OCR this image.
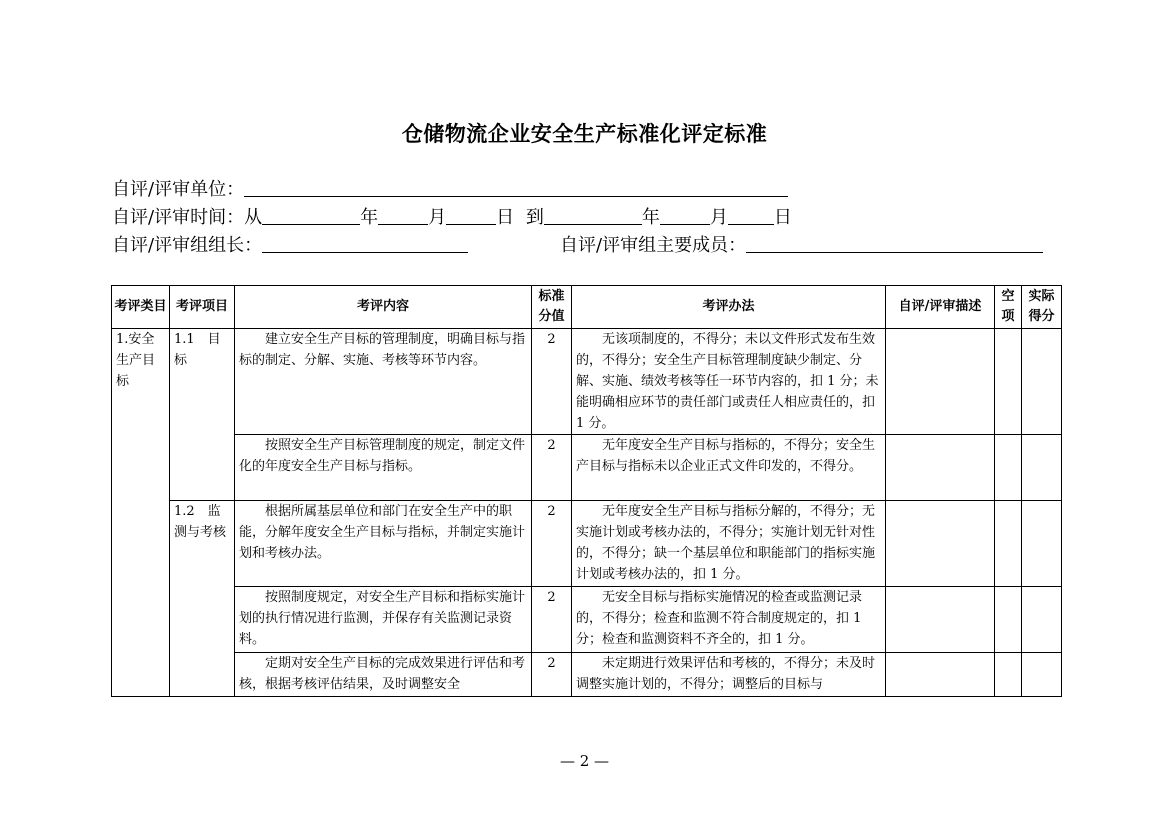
仓储物流企业安全生产标准化评定标准
自评/评审单位：
自评/评审时间：从	年	月	日 到	年	月	日
自评/评审组组长：	自评/评审组主要成员：
考评类目	考评项目	考评内容	标准分值	考评办法	自评/评审描述	空项	实际得分
1.安全生产目标	1.1　目标	建立安全生产目标的管理制度，明确目标与指标的制定、分解、实施、考核等环节内容。	2	无该项制度的，不得分；未以文件形式发布生效的，不得分；安全生产目标管理制度缺少制定、分解、实施、绩效考核等任一环节内容的，扣 1 分；未能明确相应环节的责任部门或责任人相应责任的，扣 1 分。			
		按照安全生产目标管理制度的规定，制定文件化的年度安全生产目标与指标。	2	无年度安全生产目标与指标的，不得分；安全生产目标与指标未以企业正式文件印发的，不得分。			
	1.2　监测与考核	根据所属基层单位和部门在安全生产中的职能，分解年度安全生产目标与指标，并制定实施计划和考核办法。	2	无年度安全生产目标与指标分解的，不得分；无实施计划或考核办法的，不得分；实施计划无针对性的，不得分；缺一个基层单位和职能部门的指标实施计划或考核办法的，扣 1 分。			
		按照制度规定，对安全生产目标和指标实施计划的执行情况进行监测，并保存有关监测记录资料。	2	无安全目标与指标实施情况的检查或监测记录的，不得分；检查和监测不符合制度规定的，扣 1 分；检查和监测资料不齐全的，扣 1 分。			
		定期对安全生产目标的完成效果进行评估和考核，根据考核评估结果，及时调整安全	2	未定期进行效果评估和考核的，不得分；未及时调整实施计划的，不得分；调整后的目标与			
— 2 —
